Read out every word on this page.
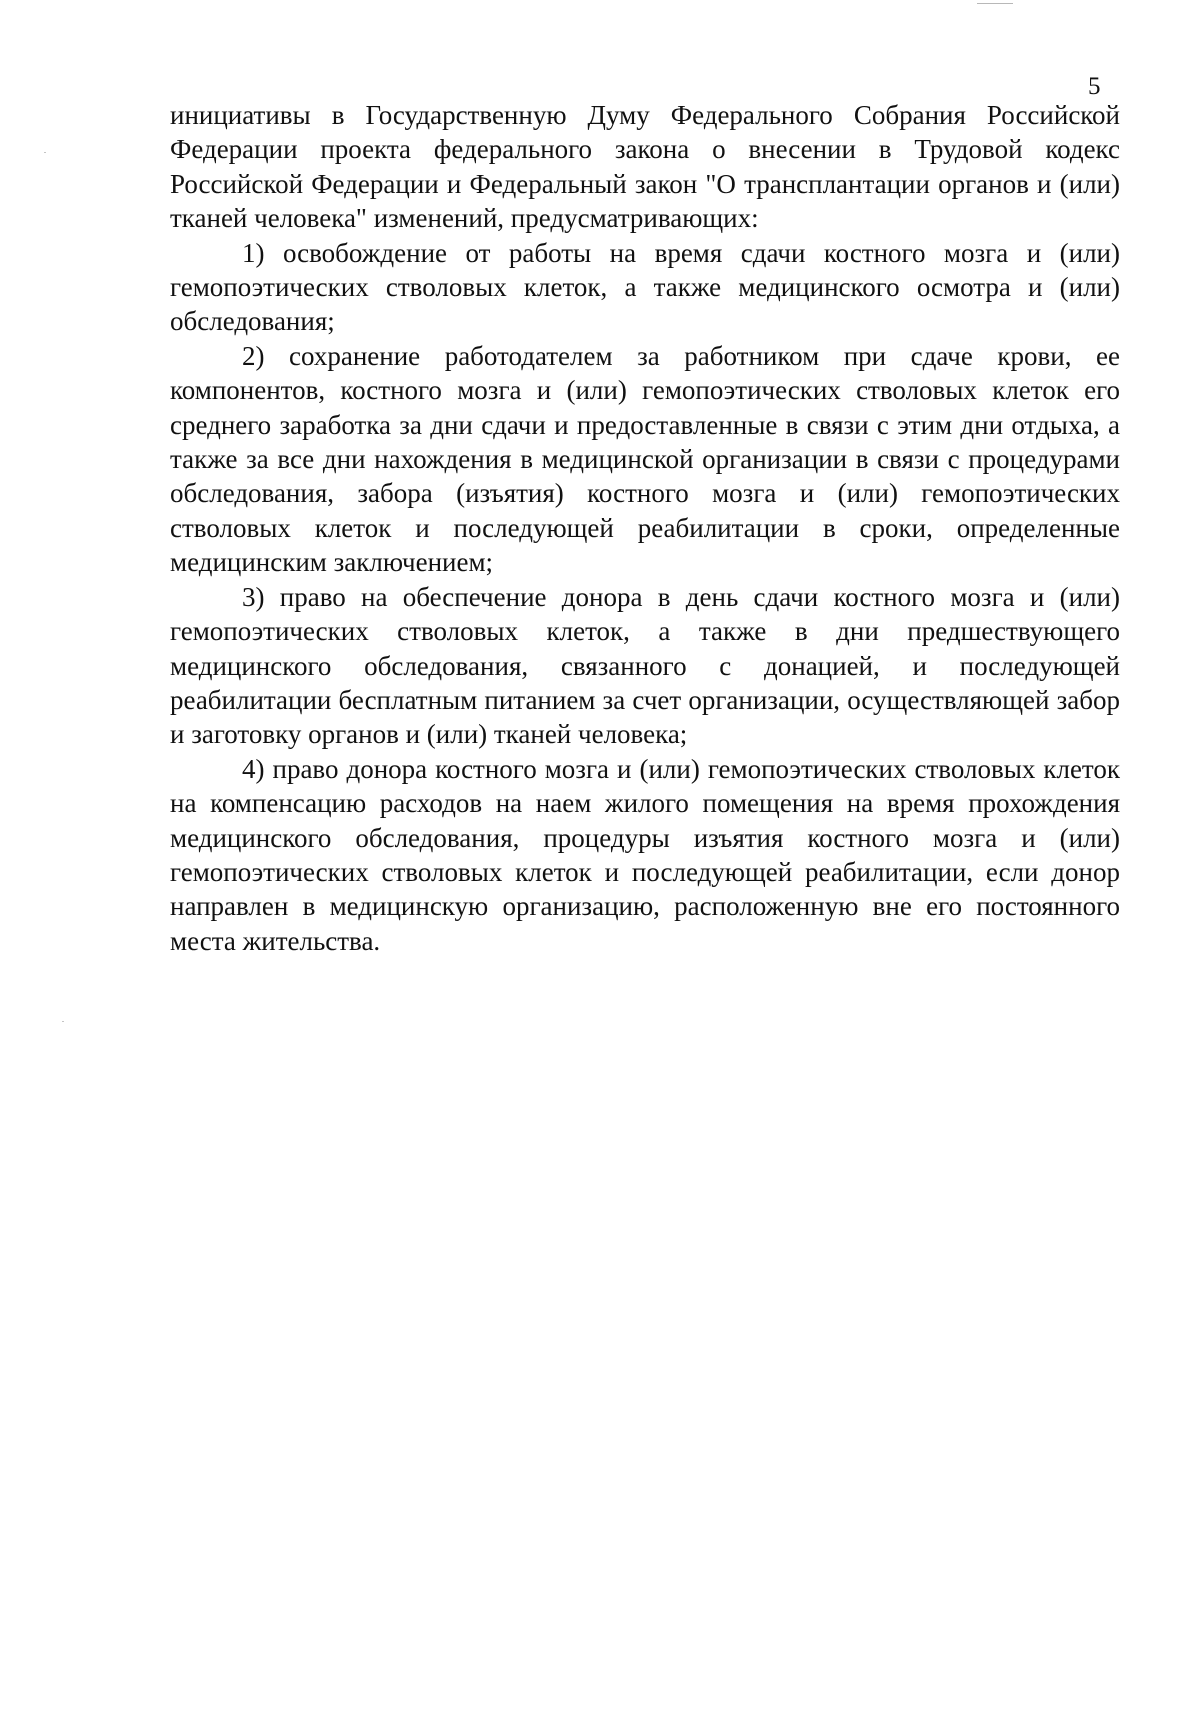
5

инициативы в Государственную Думу Федерального Собрания Российской Федерации проекта федерального закона о внесении в Трудовой кодекс Российской Федерации и Федеральный закон "О трансплантации органов и (или) тканей человека" изменений, предусматривающих:

1) освобождение от работы на время сдачи костного мозга и (или) гемопоэтических стволовых клеток, а также медицинского осмотра и (или) обследования;

2) сохранение работодателем за работником при сдаче крови, ее компонентов, костного мозга и (или) гемопоэтических стволовых клеток его среднего заработка за дни сдачи и предоставленные в связи с этим дни отдыха, а также за все дни нахождения в медицинской организации в связи с процедурами обследования, забора (изъятия) костного мозга и (или) гемопоэтических стволовых клеток и последующей реабилитации в сроки, определенные медицинским заключением;

3) право на обеспечение донора в день сдачи костного мозга и (или) гемопоэтических стволовых клеток, а также в дни предшествующего медицинского обследования, связанного с донацией, и последующей реабилитации бесплатным питанием за счет организации, осуществляющей забор и заготовку органов и (или) тканей человека;

4) право донора костного мозга и (или) гемопоэтических стволовых клеток на компенсацию расходов на наем жилого помещения на время прохождения медицинского обследования, процедуры изъятия костного мозга и (или) гемопоэтических стволовых клеток и последующей реабилитации, если донор направлен в медицинскую организацию, расположенную вне его постоянного места жительства.
